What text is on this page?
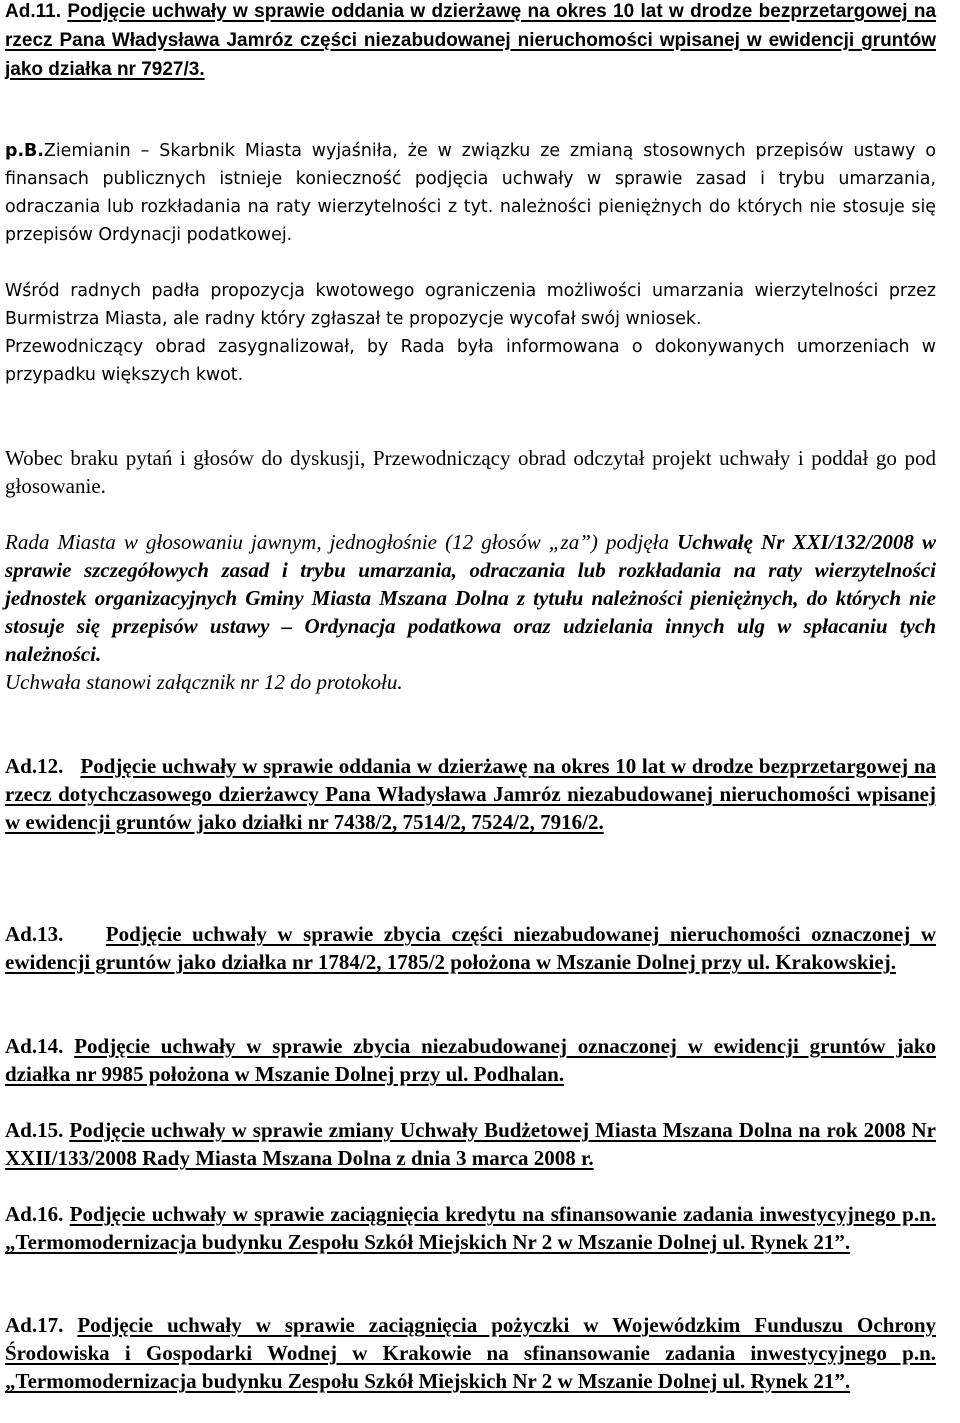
Ad.11. Podjęcie uchwały w sprawie oddania w dzierżawę na okres 10 lat w drodze bezprzetargowej na rzecz Pana Władysława Jamróz części niezabudowanej nieruchomości wpisanej w ewidencji gruntów jako działka nr 7927/3.
p.B.Ziemianin – Skarbnik Miasta wyjaśniła, że w związku ze zmianą stosownych przepisów ustawy o finansach publicznych istnieje konieczność podjęcia uchwały w sprawie zasad i trybu umarzania, odraczania lub rozkładania na raty wierzytelności z tyt. należności pieniężnych do których nie stosuje się przepisów Ordynacji podatkowej.
Wśród radnych padła propozycja kwotowego ograniczenia możliwości umarzania wierzytelności przez Burmistrza Miasta, ale radny który zgłaszał te propozycje wycofał swój wniosek.
Przewodniczący obrad zasygnalizował, by Rada była informowana o dokonywanych umorzeniach w przypadku większych kwot.
Wobec braku pytań i głosów do dyskusji, Przewodniczący obrad odczytał projekt uchwały i poddał go pod głosowanie.
Rada Miasta w głosowaniu jawnym, jednogłośnie (12 głosów „za”) podjęła Uchwałę Nr XXI/132/2008 w sprawie szczegółowych zasad i trybu umarzania, odraczania lub rozkładania na raty wierzytelności jednostek organizacyjnych Gminy Miasta Mszana Dolna z tytułu należności pieniężnych, do których nie stosuje się przepisów ustawy – Ordynacja podatkowa oraz udzielania innych ulg w spłacaniu tych należności.
Uchwała stanowi załącznik nr 12 do protokołu.
Ad.12. Podjęcie uchwały w sprawie oddania w dzierżawę na okres 10 lat w drodze bezprzetargowej na rzecz dotychczasowego dzierżawcy Pana Władysława Jamróz niezabudowanej nieruchomości wpisanej w ewidencji gruntów jako działki nr 7438/2, 7514/2, 7524/2, 7916/2.
Ad.13. Podjęcie uchwały w sprawie zbycia części niezabudowanej nieruchomości oznaczonej w ewidencji gruntów jako działka nr 1784/2, 1785/2 położona w Mszanie Dolnej przy ul. Krakowskiej.
Ad.14. Podjęcie uchwały w sprawie zbycia niezabudowanej oznaczonej w ewidencji gruntów jako działka nr 9985 położona w Mszanie Dolnej przy ul. Podhalan.
Ad.15. Podjęcie uchwały w sprawie zmiany Uchwały Budżetowej Miasta Mszana Dolna na rok 2008 Nr XXII/133/2008 Rady Miasta Mszana Dolna z dnia 3 marca 2008 r.
Ad.16. Podjęcie uchwały w sprawie zaciągnięcia kredytu na sfinansowanie zadania inwestycyjnego p.n. „Termomodernizacja budynku Zespołu Szkół Miejskich Nr 2 w Mszanie Dolnej ul. Rynek 21”.
Ad.17. Podjęcie uchwały w sprawie zaciągnięcia pożyczki w Wojewódzkim Funduszu Ochrony Środowiska i Gospodarki Wodnej w Krakowie na sfinansowanie zadania inwestycyjnego p.n. „Termomodernizacja budynku Zespołu Szkół Miejskich Nr 2 w Mszanie Dolnej ul. Rynek 21”.
